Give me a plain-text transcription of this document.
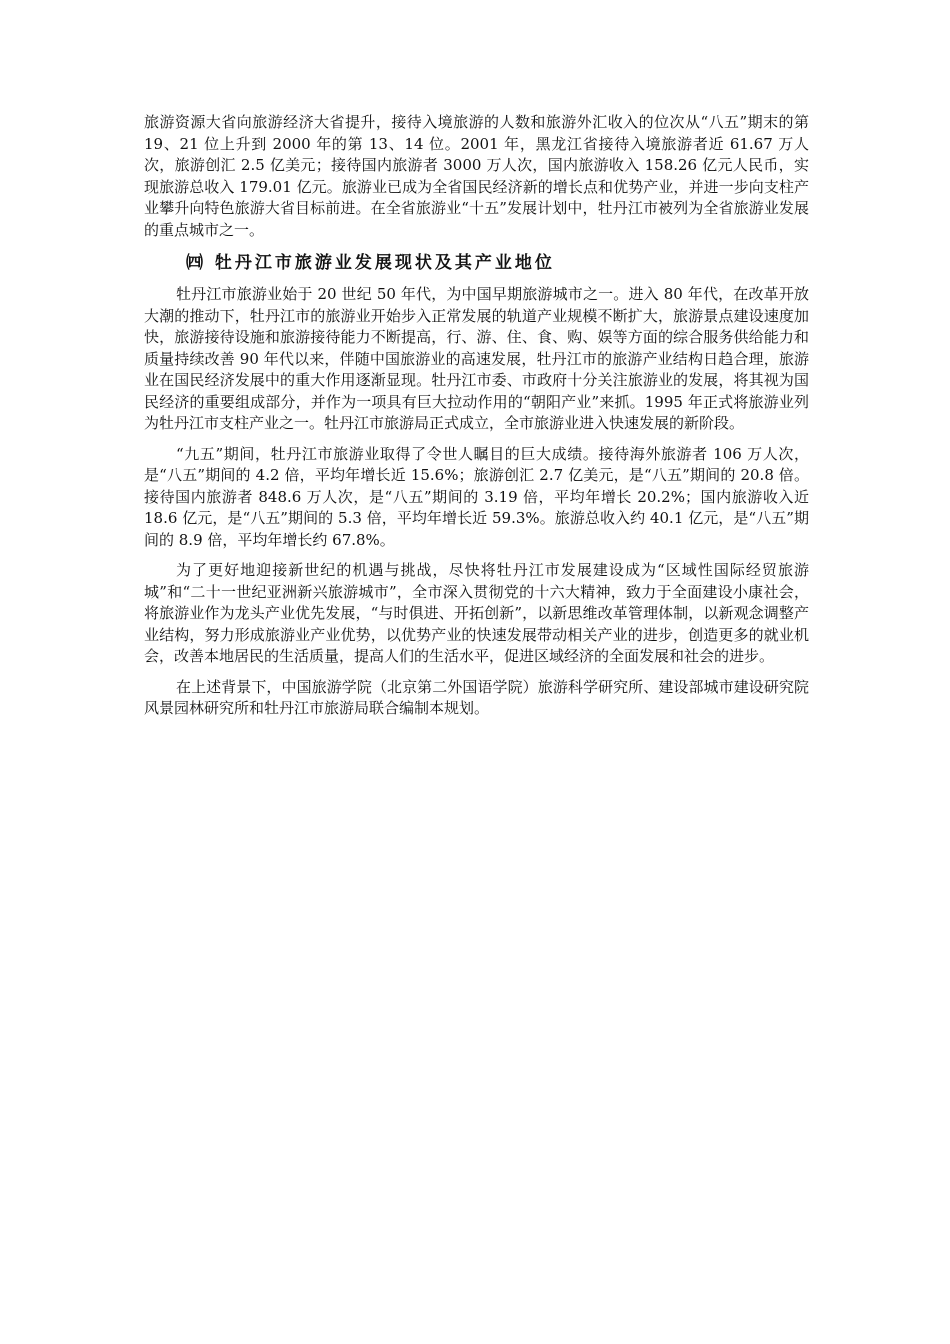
旅游资源大省向旅游经济大省提升，接待入境旅游的人数和旅游外汇收入的位次从“八五”期末的第 19、21 位上升到 2000 年的第 13、14 位。2001 年，黑龙江省接待入境旅游者近 61.67 万人次，旅游创汇 2.5 亿美元；接待国内旅游者 3000 万人次，国内旅游收入 158.26 亿元人民币，实现旅游总收入 179.01 亿元。旅游业已成为全省国民经济新的增长点和优势产业，并进一步向支柱产业攀升向特色旅游大省目标前进。在全省旅游业“十五”发展计划中，牡丹江市被列为全省旅游业发展的重点城市之一。

㈣ 牡丹江市旅游业发展现状及其产业地位

牡丹江市旅游业始于 20 世纪 50 年代，为中国早期旅游城市之一。进入 80 年代，在改革开放大潮的推动下，牡丹江市的旅游业开始步入正常发展的轨道产业规模不断扩大，旅游景点建设速度加快，旅游接待设施和旅游接待能力不断提高，行、游、住、食、购、娱等方面的综合服务供给能力和质量持续改善 90 年代以来，伴随中国旅游业的高速发展，牡丹江市的旅游产业结构日趋合理，旅游业在国民经济发展中的重大作用逐渐显现。牡丹江市委、市政府十分关注旅游业的发展，将其视为国民经济的重要组成部分，并作为一项具有巨大拉动作用的“朝阳产业”来抓。1995 年正式将旅游业列为牡丹江市支柱产业之一。牡丹江市旅游局正式成立，全市旅游业进入快速发展的新阶段。

“九五”期间，牡丹江市旅游业取得了令世人瞩目的巨大成绩。接待海外旅游者 106 万人次，是“八五”期间的 4.2 倍，平均年增长近 15.6%；旅游创汇 2.7 亿美元，是“八五”期间的 20.8 倍。接待国内旅游者 848.6 万人次，是“八五”期间的 3.19 倍，平均年增长 20.2%；国内旅游收入近 18.6 亿元，是“八五”期间的 5.3 倍，平均年增长近 59.3%。旅游总收入约 40.1 亿元，是“八五”期间的 8.9 倍，平均年增长约 67.8%。

为了更好地迎接新世纪的机遇与挑战，尽快将牡丹江市发展建设成为“区域性国际经贸旅游城”和“二十一世纪亚洲新兴旅游城市”，全市深入贯彻党的十六大精神，致力于全面建设小康社会，将旅游业作为龙头产业优先发展，“与时俱进、开拓创新”，以新思维改革管理体制，以新观念调整产业结构，努力形成旅游业产业优势，以优势产业的快速发展带动相关产业的进步，创造更多的就业机会，改善本地居民的生活质量，提高人们的生活水平，促进区域经济的全面发展和社会的进步。

在上述背景下，中国旅游学院（北京第二外国语学院）旅游科学研究所、建设部城市建设研究院风景园林研究所和牡丹江市旅游局联合编制本规划。
